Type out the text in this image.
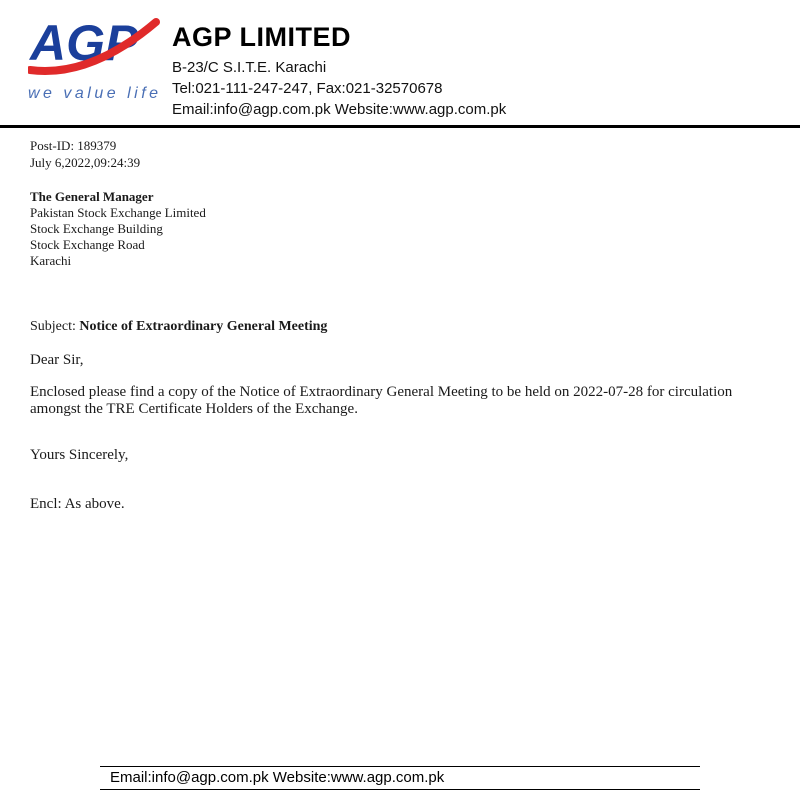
AGP
we value life
AGP LIMITED
B-23/C S.I.T.E. Karachi
Tel:021-111-247-247, Fax:021-32570678
Email:info@agp.com.pk Website:www.agp.com.pk
Post-ID: 189379
July 6,2022,09:24:39
The General Manager
Pakistan Stock Exchange Limited
Stock Exchange Building
Stock Exchange Road
Karachi
Subject: Notice of Extraordinary General Meeting
Dear Sir,
Enclosed please find a copy of the Notice of Extraordinary General Meeting to be held on 2022-07-28 for circulation amongst the TRE Certificate Holders of the Exchange.
Yours Sincerely,
Encl: As above.
Email:info@agp.com.pk Website:www.agp.com.pk
